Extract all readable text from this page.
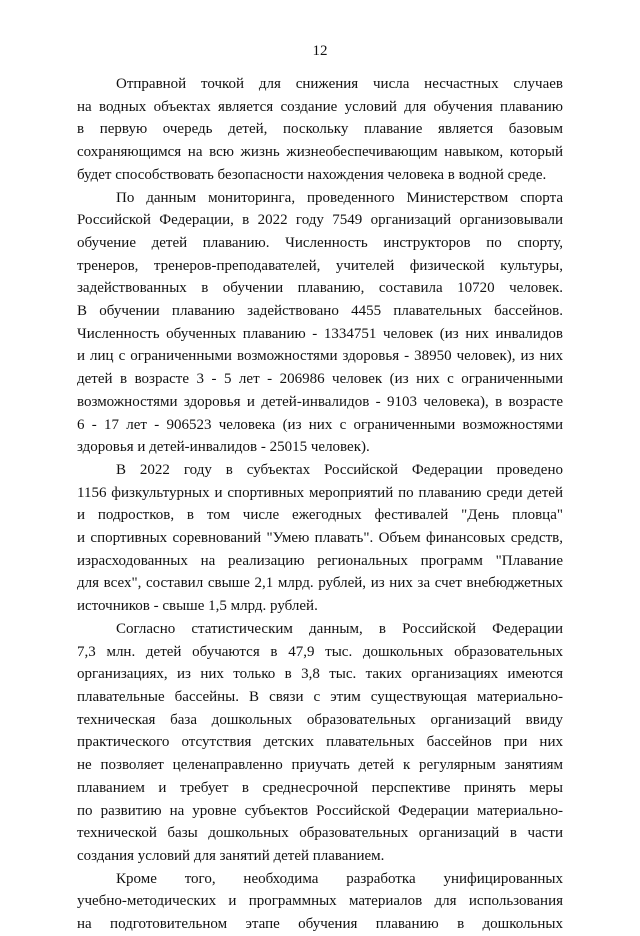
12

Отправной точкой для снижения числа несчастных случаев
на водных объектах является создание условий для обучения плаванию
в первую очередь детей, поскольку плавание является базовым
сохраняющимся на всю жизнь жизнеобеспечивающим навыком, который
будет способствовать безопасности нахождения человека в водной среде.

По данным мониторинга, проведенного Министерством спорта
Российской Федерации, в 2022 году 7549 организаций организовывали
обучение детей плаванию. Численность инструкторов по спорту,
тренеров, тренеров-преподавателей, учителей физической культуры,
задействованных в обучении плаванию, составила 10720 человек.
В обучении плаванию задействовано 4455 плавательных бассейнов.
Численность обученных плаванию - 1334751 человек (из них инвалидов
и лиц с ограниченными возможностями здоровья - 38950 человек), из них
детей в возрасте 3 - 5 лет - 206986 человек (из них с ограниченными
возможностями здоровья и детей-инвалидов - 9103 человека), в возрасте
6 - 17 лет - 906523 человека (из них с ограниченными возможностями
здоровья и детей-инвалидов - 25015 человек).

В 2022 году в субъектах Российской Федерации проведено
1156 физкультурных и спортивных мероприятий по плаванию среди детей
и подростков, в том числе ежегодных фестивалей "День пловца"
и спортивных соревнований "Умею плавать". Объем финансовых средств,
израсходованных на реализацию региональных программ "Плавание
для всех", составил свыше 2,1 млрд. рублей, из них за счет внебюджетных
источников - свыше 1,5 млрд. рублей.

Согласно статистическим данным, в Российской Федерации
7,3 млн. детей обучаются в 47,9 тыс. дошкольных образовательных
организациях, из них только в 3,8 тыс. таких организациях имеются
плавательные бассейны. В связи с этим существующая материально-
техническая база дошкольных образовательных организаций ввиду
практического отсутствия детских плавательных бассейнов при них
не позволяет целенаправленно приучать детей к регулярным занятиям
плаванием и требует в среднесрочной перспективе принять меры
по развитию на уровне субъектов Российской Федерации материально-
технической базы дошкольных образовательных организаций в части
создания условий для занятий детей плаванием.

Кроме того, необходима разработка унифицированных
учебно-методических и программных материалов для использования
на подготовительном этапе обучения плаванию в дошкольных
